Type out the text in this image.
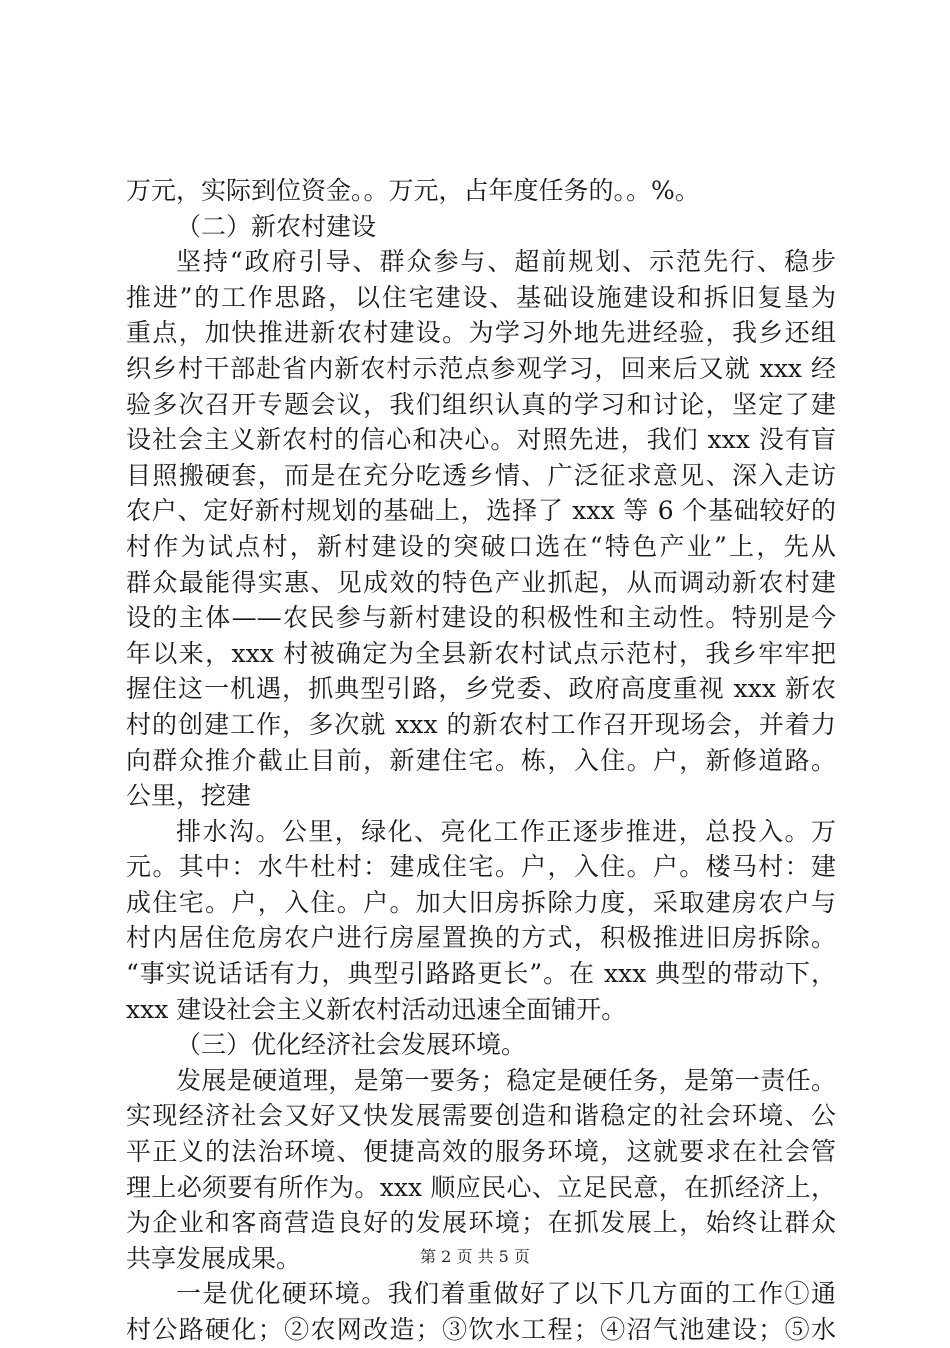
万元，实际到位资金。。万元，占年度任务的。。%。
（二）新农村建设
坚持“政府引导、群众参与、超前规划、示范先行、稳步
推进”的工作思路，以住宅建设、基础设施建设和拆旧复垦为
重点，加快推进新农村建设。为学习外地先进经验，我乡还组
织乡村干部赴省内新农村示范点参观学习，回来后又就 xxx 经
验多次召开专题会议，我们组织认真的学习和讨论，坚定了建
设社会主义新农村的信心和决心。对照先进，我们 xxx 没有盲
目照搬硬套，而是在充分吃透乡情、广泛征求意见、深入走访
农户、定好新村规划的基础上，选择了 xxx 等 6 个基础较好的
村作为试点村，新村建设的突破口选在“特色产业”上，先从
群众最能得实惠、见成效的特色产业抓起，从而调动新农村建
设的主体——农民参与新村建设的积极性和主动性。特别是今
年以来，xxx 村被确定为全县新农村试点示范村，我乡牢牢把
握住这一机遇，抓典型引路，乡党委、政府高度重视 xxx 新农
村的创建工作，多次就 xxx 的新农村工作召开现场会，并着力
向群众推介截止目前，新建住宅。栋，入住。户，新修道路。
公里，挖建
排水沟。公里，绿化、亮化工作正逐步推进，总投入。万
元。其中：水牛杜村：建成住宅。户，入住。户。楼马村：建
成住宅。户，入住。户。加大旧房拆除力度，采取建房农户与
村内居住危房农户进行房屋置换的方式，积极推进旧房拆除。
“事实说话话有力，典型引路路更长”。在 xxx 典型的带动下，
xxx 建设社会主义新农村活动迅速全面铺开。
（三）优化经济社会发展环境。
发展是硬道理，是第一要务；稳定是硬任务，是第一责任。
实现经济社会又好又快发展需要创造和谐稳定的社会环境、公
平正义的法治环境、便捷高效的服务环境，这就要求在社会管
理上必须要有所作为。xxx 顺应民心、立足民意，在抓经济上，
为企业和客商营造良好的发展环境；在抓发展上，始终让群众
共享发展成果。
一是优化硬环境。我们着重做好了以下几方面的工作①通
村公路硬化；②农网改造；③饮水工程；④沼气池建设；⑤水
第 2 页 共 5 页
